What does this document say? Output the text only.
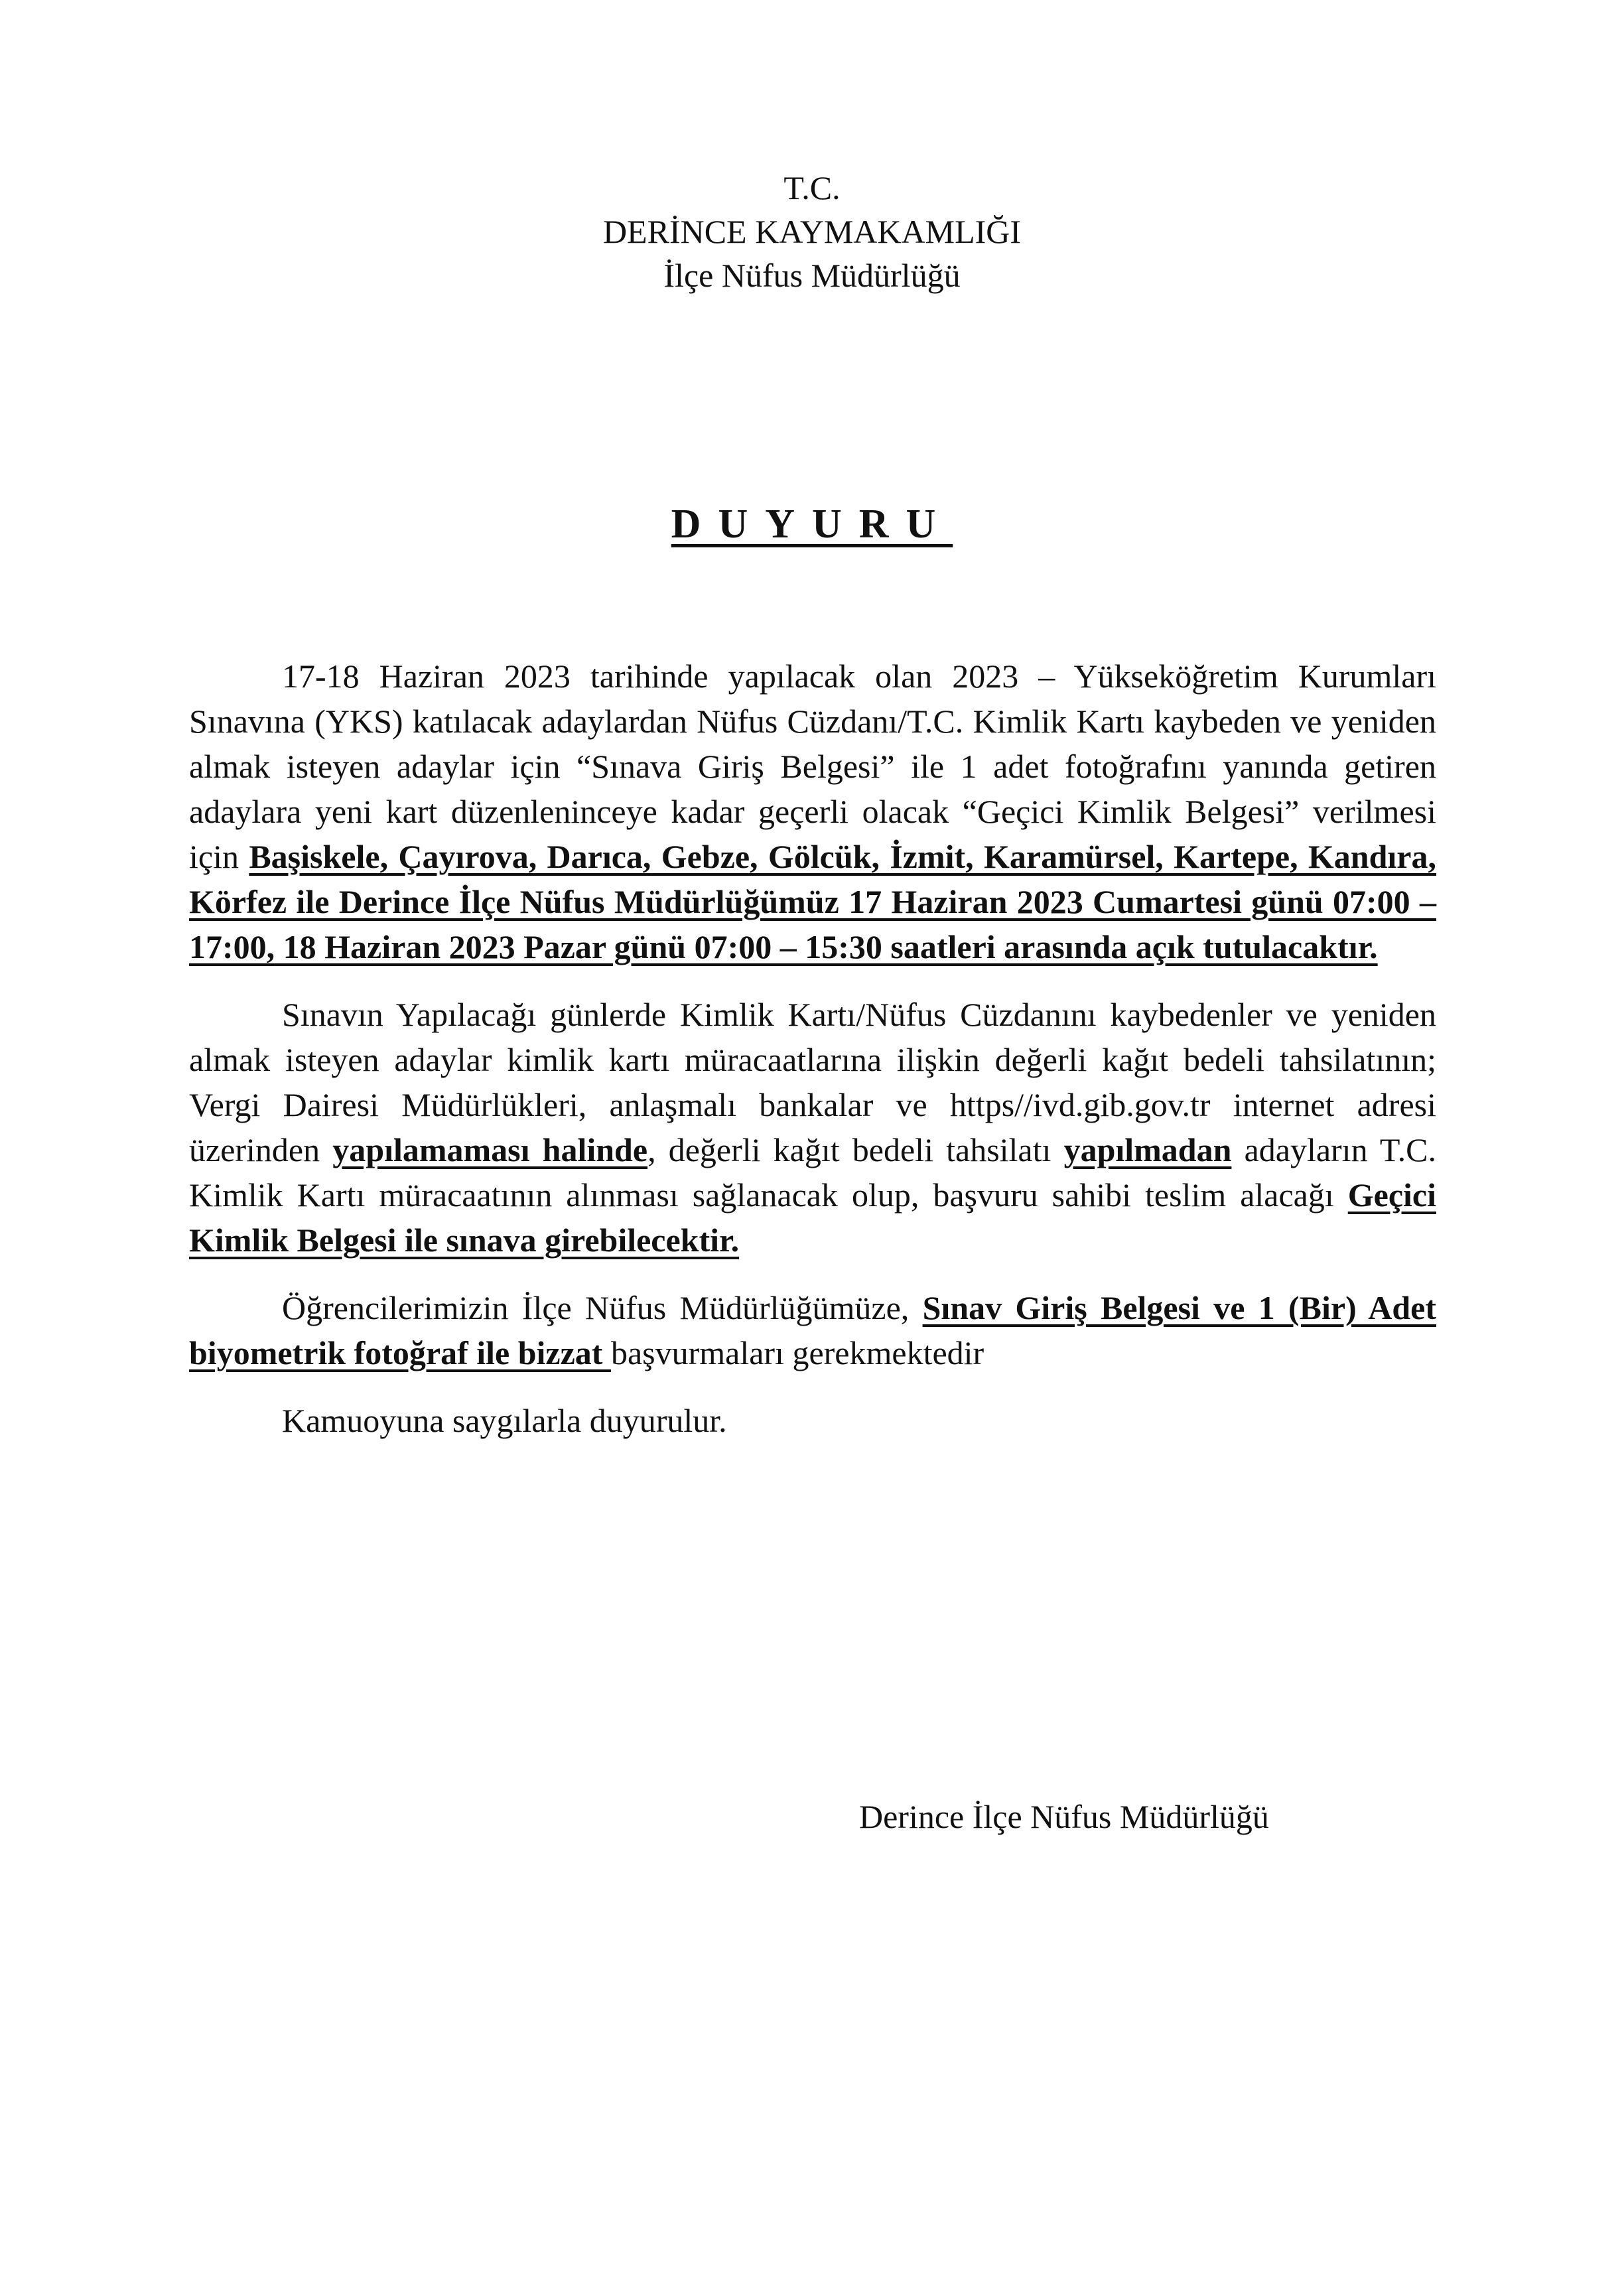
T.C.
DERİNCE KAYMAKAMLIĞI
İlçe Nüfus Müdürlüğü
DUYURU

17-18 Haziran 2023 tarihinde yapılacak olan 2023 – Yükseköğretim Kurumları Sınavına (YKS) katılacak adaylardan Nüfus Cüzdanı/T.C. Kimlik Kartı kaybeden ve yeniden almak isteyen adaylar için “Sınava Giriş Belgesi” ile 1 adet fotoğrafını yanında getiren adaylara yeni kart düzenleninceye kadar geçerli olacak “Geçici Kimlik Belgesi” verilmesi için Başiskele, Çayırova, Darıca, Gebze, Gölcük, İzmit, Karamürsel, Kartepe, Kandıra, Körfez ile Derince İlçe Nüfus Müdürlüğümüz 17 Haziran 2023 Cumartesi günü 07:00 – 17:00, 18 Haziran 2023 Pazar günü 07:00 – 15:30 saatleri arasında açık tutulacaktır.

Sınavın Yapılacağı günlerde Kimlik Kartı/Nüfus Cüzdanını kaybedenler ve yeniden almak isteyen adaylar kimlik kartı müracaatlarına ilişkin değerli kağıt bedeli tahsilatının; Vergi Dairesi Müdürlükleri, anlaşmalı bankalar ve https//ivd.gib.gov.tr internet adresi üzerinden yapılamaması halinde, değerli kağıt bedeli tahsilatı yapılmadan adayların T.C. Kimlik Kartı müracaatının alınması sağlanacak olup, başvuru sahibi teslim alacağı Geçici Kimlik Belgesi ile sınava girebilecektir.

Öğrencilerimizin İlçe Nüfus Müdürlüğümüze, Sınav Giriş Belgesi ve 1 (Bir) Adet biyometrik fotoğraf ile bizzat başvurmaları gerekmektedir

Kamuoyuna saygılarla duyurulur.

Derince İlçe Nüfus Müdürlüğü
